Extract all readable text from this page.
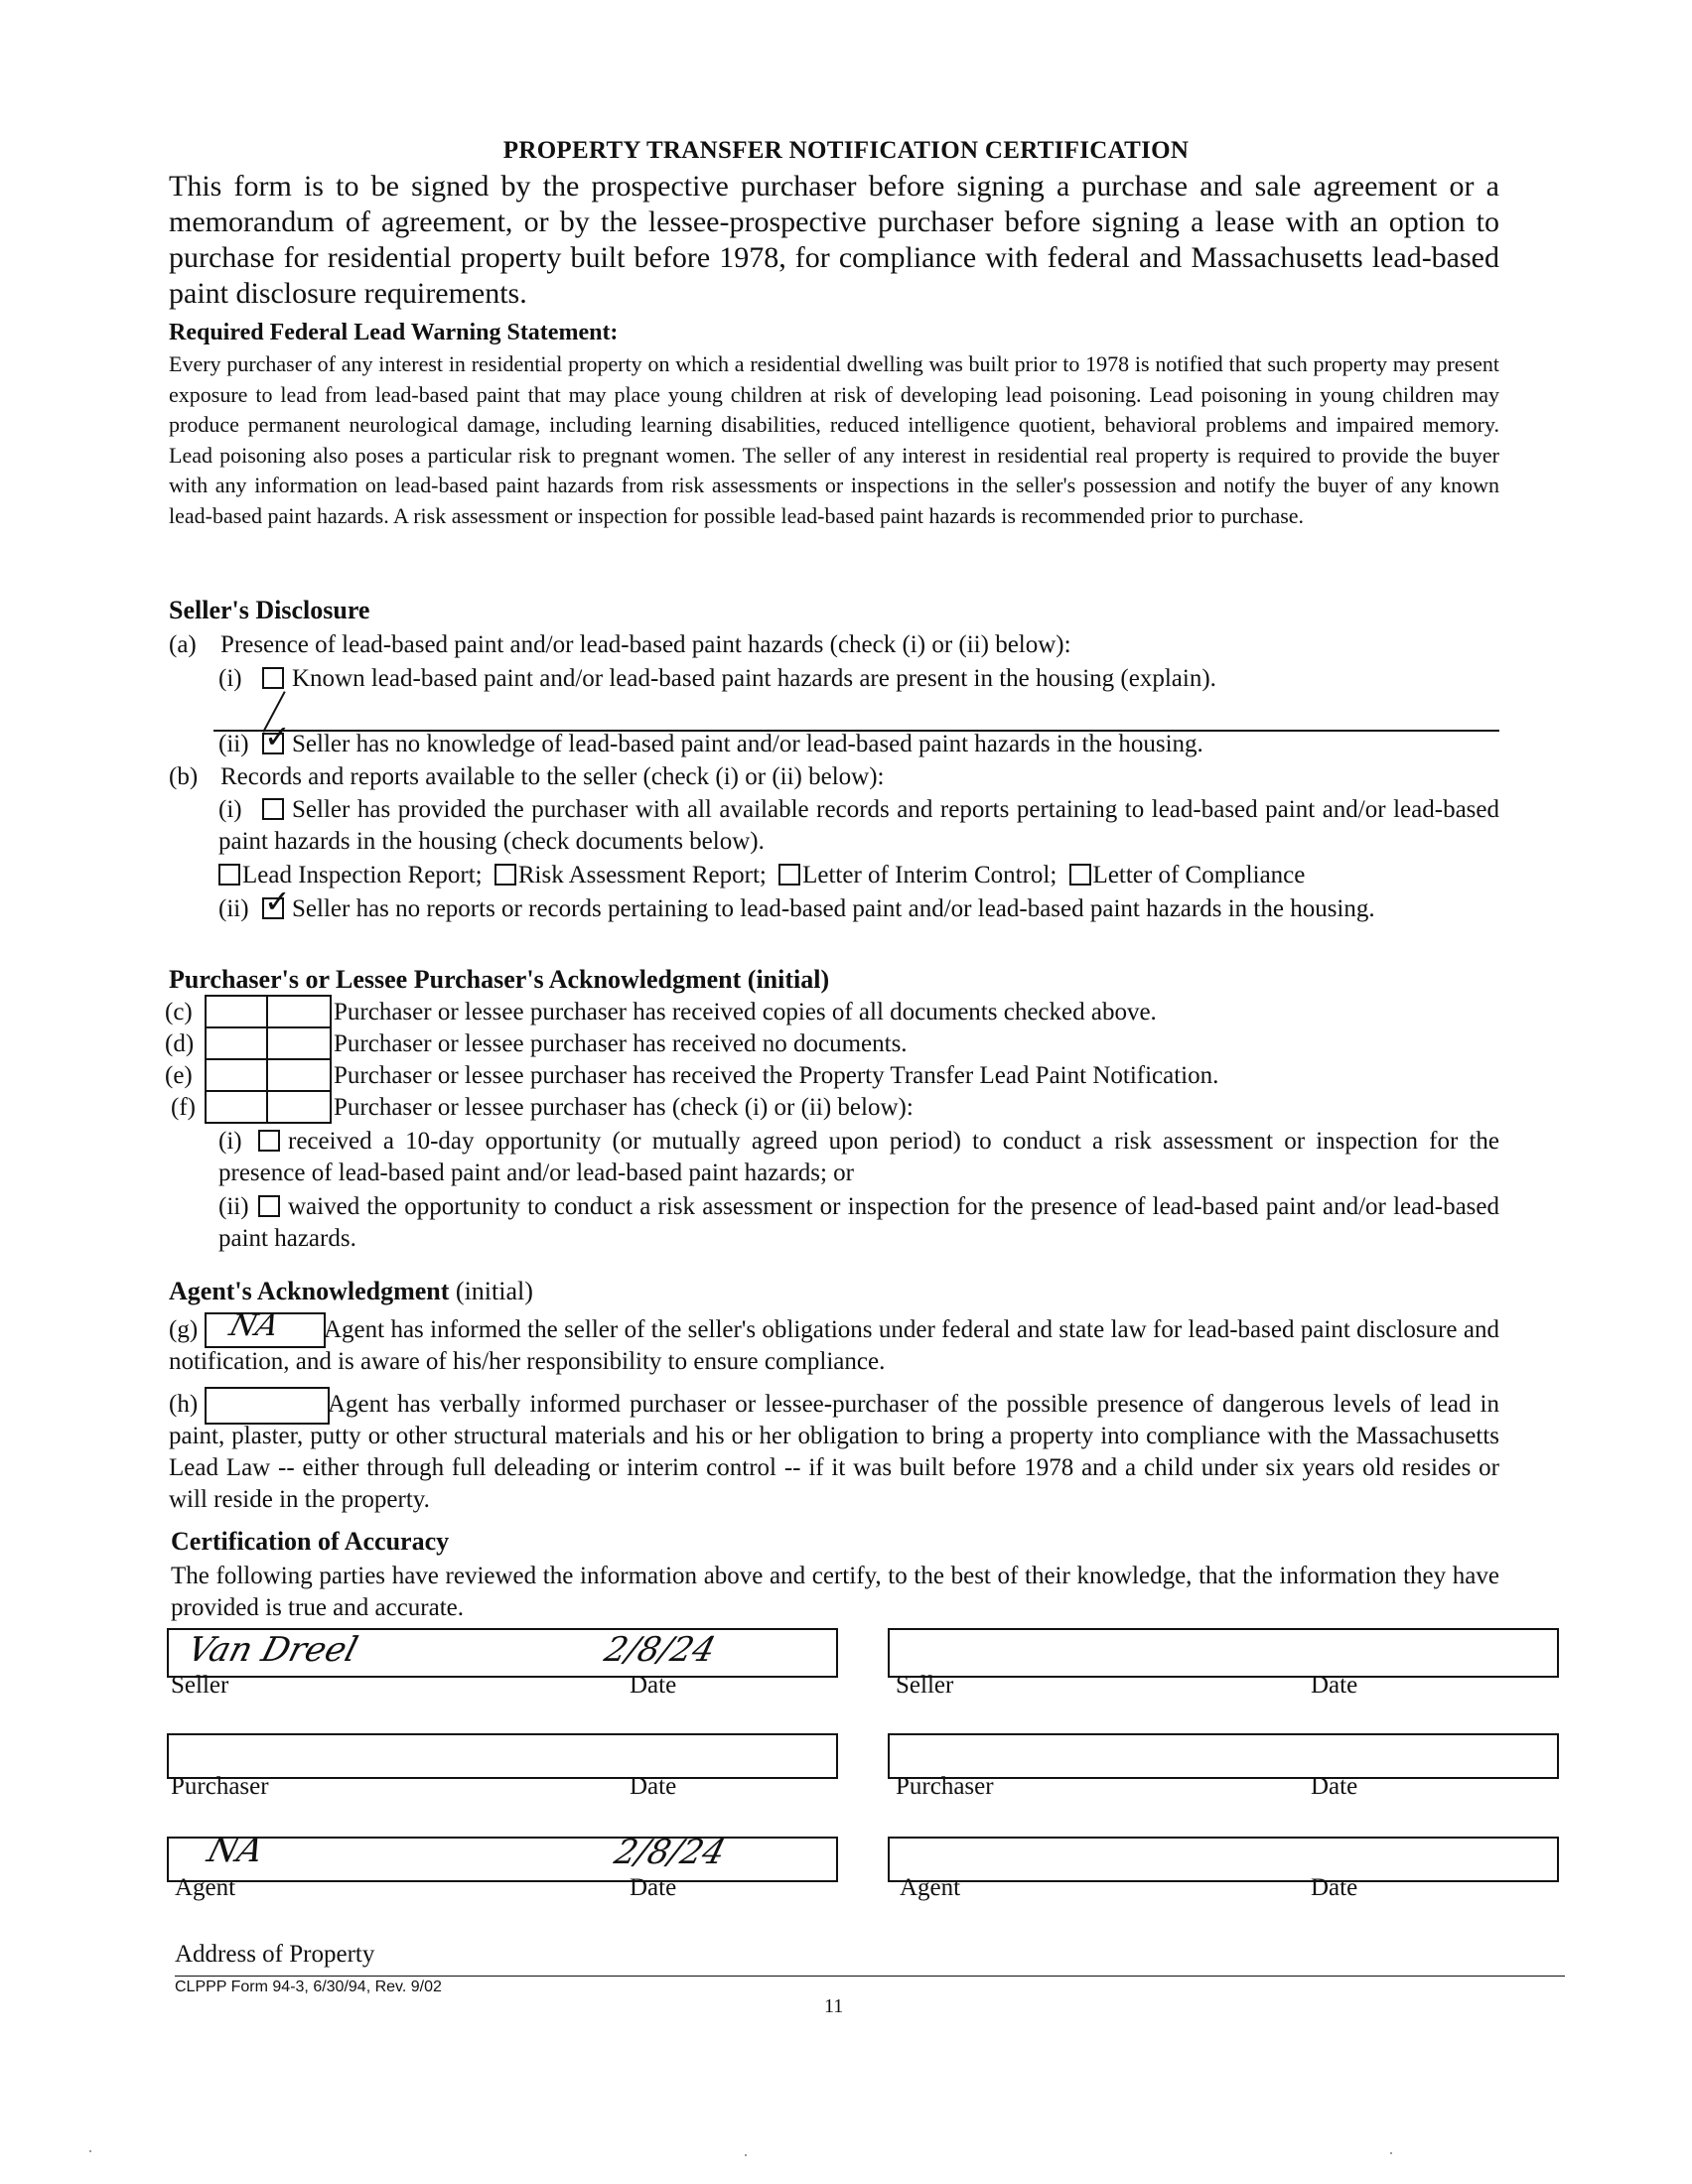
PROPERTY TRANSFER NOTIFICATION CERTIFICATION
This form is to be signed by the prospective purchaser before signing a purchase and sale agreement or a memorandum of agreement, or by the lessee-prospective purchaser before signing a lease with an option to purchase for residential property built before 1978, for compliance with federal and Massachusetts lead-based paint disclosure requirements.
Required Federal Lead Warning Statement:
Every purchaser of any interest in residential property on which a residential dwelling was built prior to 1978 is notified that such property may present exposure to lead from lead-based paint that may place young children at risk of developing lead poisoning. Lead poisoning in young children may produce permanent neurological damage, including learning disabilities, reduced intelligence quotient, behavioral problems and impaired memory. Lead poisoning also poses a particular risk to pregnant women. The seller of any interest in residential real property is required to provide the buyer with any information on lead-based paint hazards from risk assessments or inspections in the seller's possession and notify the buyer of any known lead-based paint hazards. A risk assessment or inspection for possible lead-based paint hazards is recommended prior to purchase.
Seller's Disclosure
(a) Presence of lead-based paint and/or lead-based paint hazards (check (i) or (ii) below):
(i) Known lead-based paint and/or lead-based paint hazards are present in the housing (explain).
(ii) ✓ Seller has no knowledge of lead-based paint and/or lead-based paint hazards in the housing.
(b) Records and reports available to the seller (check (i) or (ii) below):
(i) Seller has provided the purchaser with all available records and reports pertaining to lead-based paint and/or lead-based paint hazards in the housing (check documents below).
Lead Inspection Report; Risk Assessment Report; Letter of Interim Control; Letter of Compliance
(ii) ✓ Seller has no reports or records pertaining to lead-based paint and/or lead-based paint hazards in the housing.
Purchaser's or Lessee Purchaser's Acknowledgment (initial)
(c)	Purchaser or lessee purchaser has received copies of all documents checked above.
(d)	Purchaser or lessee purchaser has received no documents.
(e)	Purchaser or lessee purchaser has received the Property Transfer Lead Paint Notification.
(f)	Purchaser or lessee purchaser has (check (i) or (ii) below):
(i) received a 10-day opportunity (or mutually agreed upon period) to conduct a risk assessment or inspection for the presence of lead-based paint and/or lead-based paint hazards; or
(ii) waived the opportunity to conduct a risk assessment or inspection for the presence of lead-based paint and/or lead-based paint hazards.
Agent's Acknowledgment (initial)
(g) NA	Agent has informed the seller of the seller's obligations under federal and state law for lead-based paint disclosure and notification, and is aware of his/her responsibility to ensure compliance.
(h)	Agent has verbally informed purchaser or lessee-purchaser of the possible presence of dangerous levels of lead in paint, plaster, putty or other structural materials and his or her obligation to bring a property into compliance with the Massachusetts Lead Law -- either through full deleading or interim control -- if it was built before 1978 and a child under six years old resides or will reside in the property.
Certification of Accuracy
The following parties have reviewed the information above and certify, to the best of their knowledge, that the information they have provided is true and accurate.
Van Dreel	2/8/24
Seller	Date	Seller	Date
Purchaser	Date	Purchaser	Date
NA	2/8/24
Agent	Date	Agent	Date
Address of Property
CLPPP Form 94-3, 6/30/94, Rev. 9/02
11
